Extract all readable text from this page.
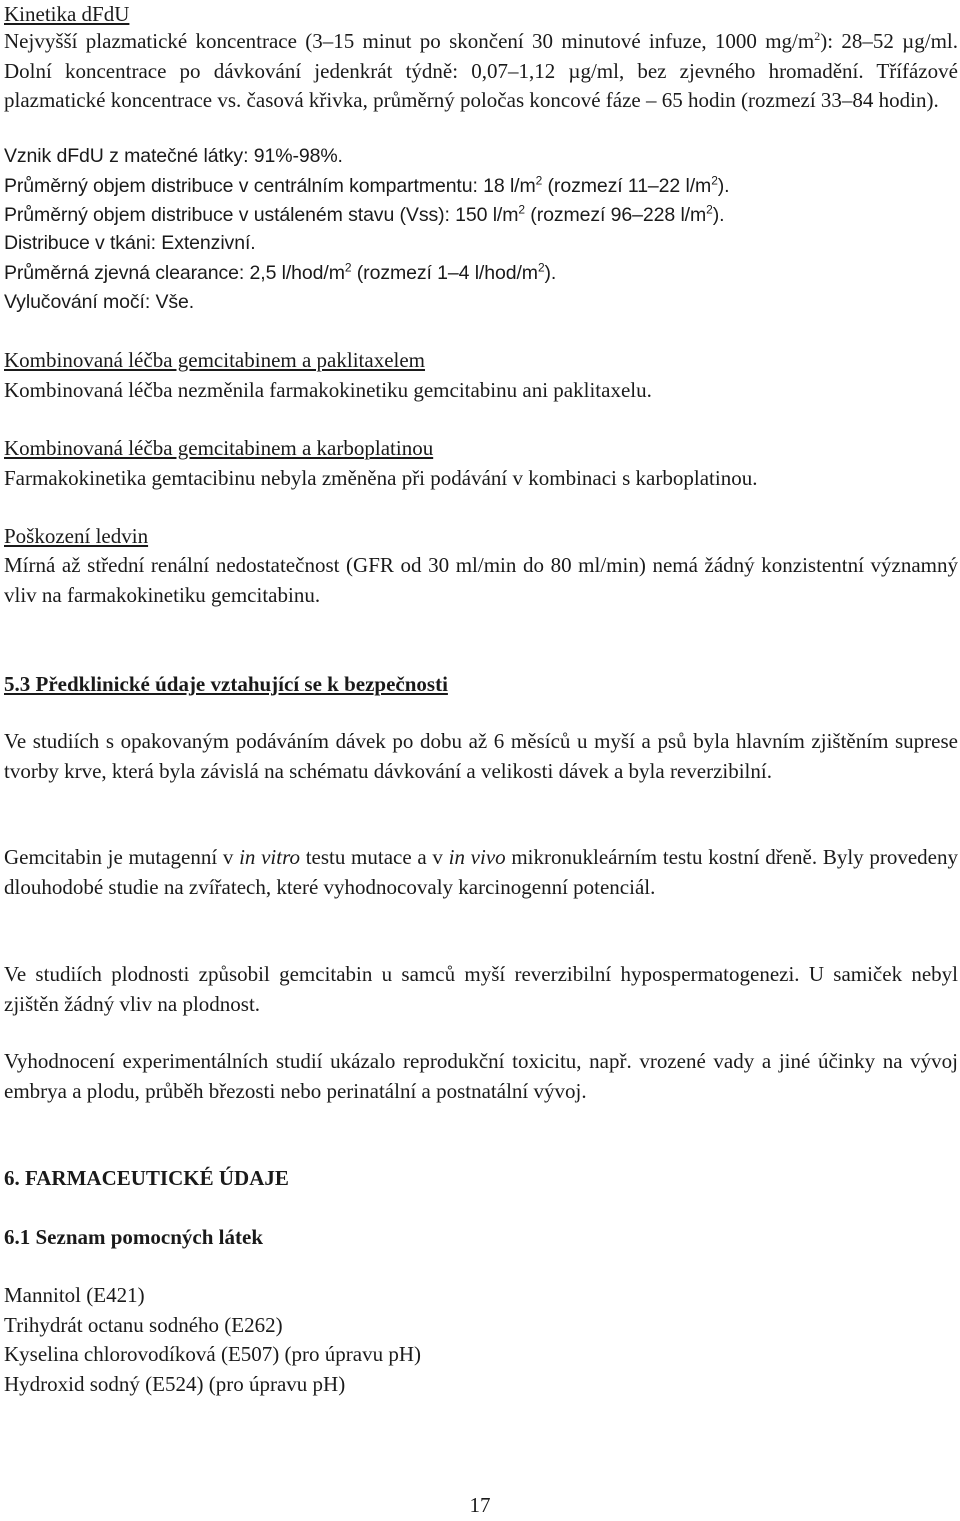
Kinetika dFdU

Nejvyšší plazmatické koncentrace (3–15 minut po skončení 30 minutové infuze, 1000 $mg/m^2$): 28–52 µg/ml. Dolní koncentrace po dávkování jedenkrát týdně: 0,07–1,12 µg/ml, bez zjevného hromadění. Třífázové plazmatické koncentrace vs. časová křivka, průměrný poločas koncové fáze – 65 hodin (rozmezí 33–84 hodin).

Vznik dFdU z matečné látky: 91%-98%.

Průměrný objem distribuce v centrálním kompartmentu: 18 $l/m^2$ (rozmezí 11–22 $l/m^2$).

Průměrný objem distribuce v ustáleném stavu (Vss): 150 $l/m^2$ (rozmezí 96–228 $l/m^2$).

Distribuce v tkáni: Extenzivní.

Průměrná zjevná clearance: 2,5 $l/hod/m^2$ (rozmezí 1–4 $l/hod/m^2$).

Vylučování močí: Vše.

Kombinovaná léčba gemcitabinem a paklitaxelem

Kombinovaná léčba nezměnila farmakokinetiku gemcitabinu ani paklitaxelu.

Kombinovaná léčba gemcitabinem a karboplatinou

Farmakokinetika gemtacibinu nebyla změněna při podávání v kombinaci s karboplatinou.

Poškození ledvin

Mírná až střední renální nedostatečnost (GFR od 30 ml/min do 80 ml/min) nemá žádný konzistentní významný vliv na farmakokinetiku gemcitabinu.

5.3 Předklinické údaje vztahující se k bezpečnosti

Ve studiích s opakovaným podáváním dávek po dobu až 6 měsíců u myší a psů byla hlavním zjištěním suprese tvorby krve, která byla závislá na schématu dávkování a velikosti dávek a byla reverzibilní.

Gemcitabin je mutagenní v in vitro testu mutace a v in vivo mikronukleárním testu kostní dřeně. Byly provedeny dlouhodobé studie na zvířatech, které vyhodnocovaly karcinogenní potenciál.

Ve studiích plodnosti způsobil gemcitabin u samců myší reverzibilní hypospermatogenezi. U samiček nebyl zjištěn žádný vliv na plodnost.

Vyhodnocení experimentálních studií ukázalo reprodukční toxicitu, např. vrozené vady a jiné účinky na vývoj embrya a plodu, průběh březosti nebo perinatální a postnatální vývoj.

6. FARMACEUTICKÉ ÚDAJE

6.1 Seznam pomocných látek

Mannitol (E421)

Trihydrát octanu sodného (E262)

Kyselina chlorovodíková (E507) (pro úpravu pH)

Hydroxid sodný (E524) (pro úpravu pH)

17
